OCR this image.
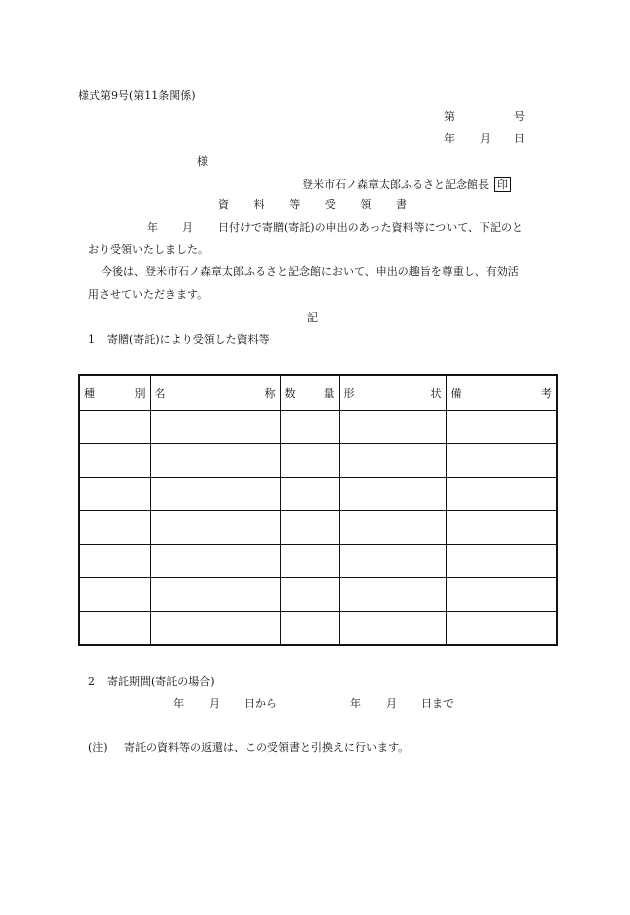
様式第9号(第11条関係)
第	号
年 月 日
様
登米市石ノ森章太郎ふるさと記念館長 印
資 料 等 受 領 書
年 月 日付けで寄贈(寄託)の申出のあった資料等について、下記のと
おり受領いたしました。
今後は、登米市石ノ森章太郎ふるさと記念館において、申出の趣旨を尊重し、有効活
用させていただきます。
記
1 寄贈(寄託)により受領した資料等
種 別	名 称	数 量	形 状	備 考

2 寄託期間(寄託の場合)
年 月 日から	年 月 日まで
(注) 寄託の資料等の返還は、この受領書と引換えに行います。
